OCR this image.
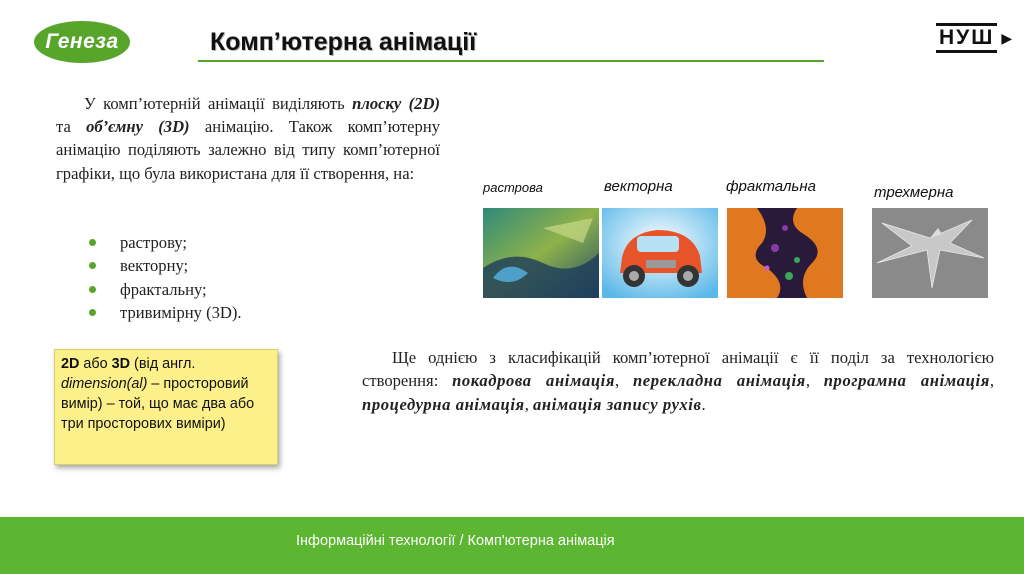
Генеза	Комп’ютерна анімації	НУШ ▶

У комп’ютерній анімації виділяють плоску (2D) та об’ємну (3D) анімацію. Також комп’ютерну анімацію поділяють залежно від типу комп’ютерної графіки, що була використана для її створення, на:

растрову;
векторну;
фрактальну;
тривимірну (3D).
растрова	векторна	фрактальна	трехмерна
2D або 3D (від англ.
dimension(al) – просторовий вимір) – той, що має два або три просторових виміри)

Ще однією з класифікацій комп’ютерної анімації є її поділ за технологією створення: покадрова анімація, перекладна анімація, програмна анімація, процедурна анімація, анімація запису рухів.

Інформаційні технології / Комп'ютерна анімація
